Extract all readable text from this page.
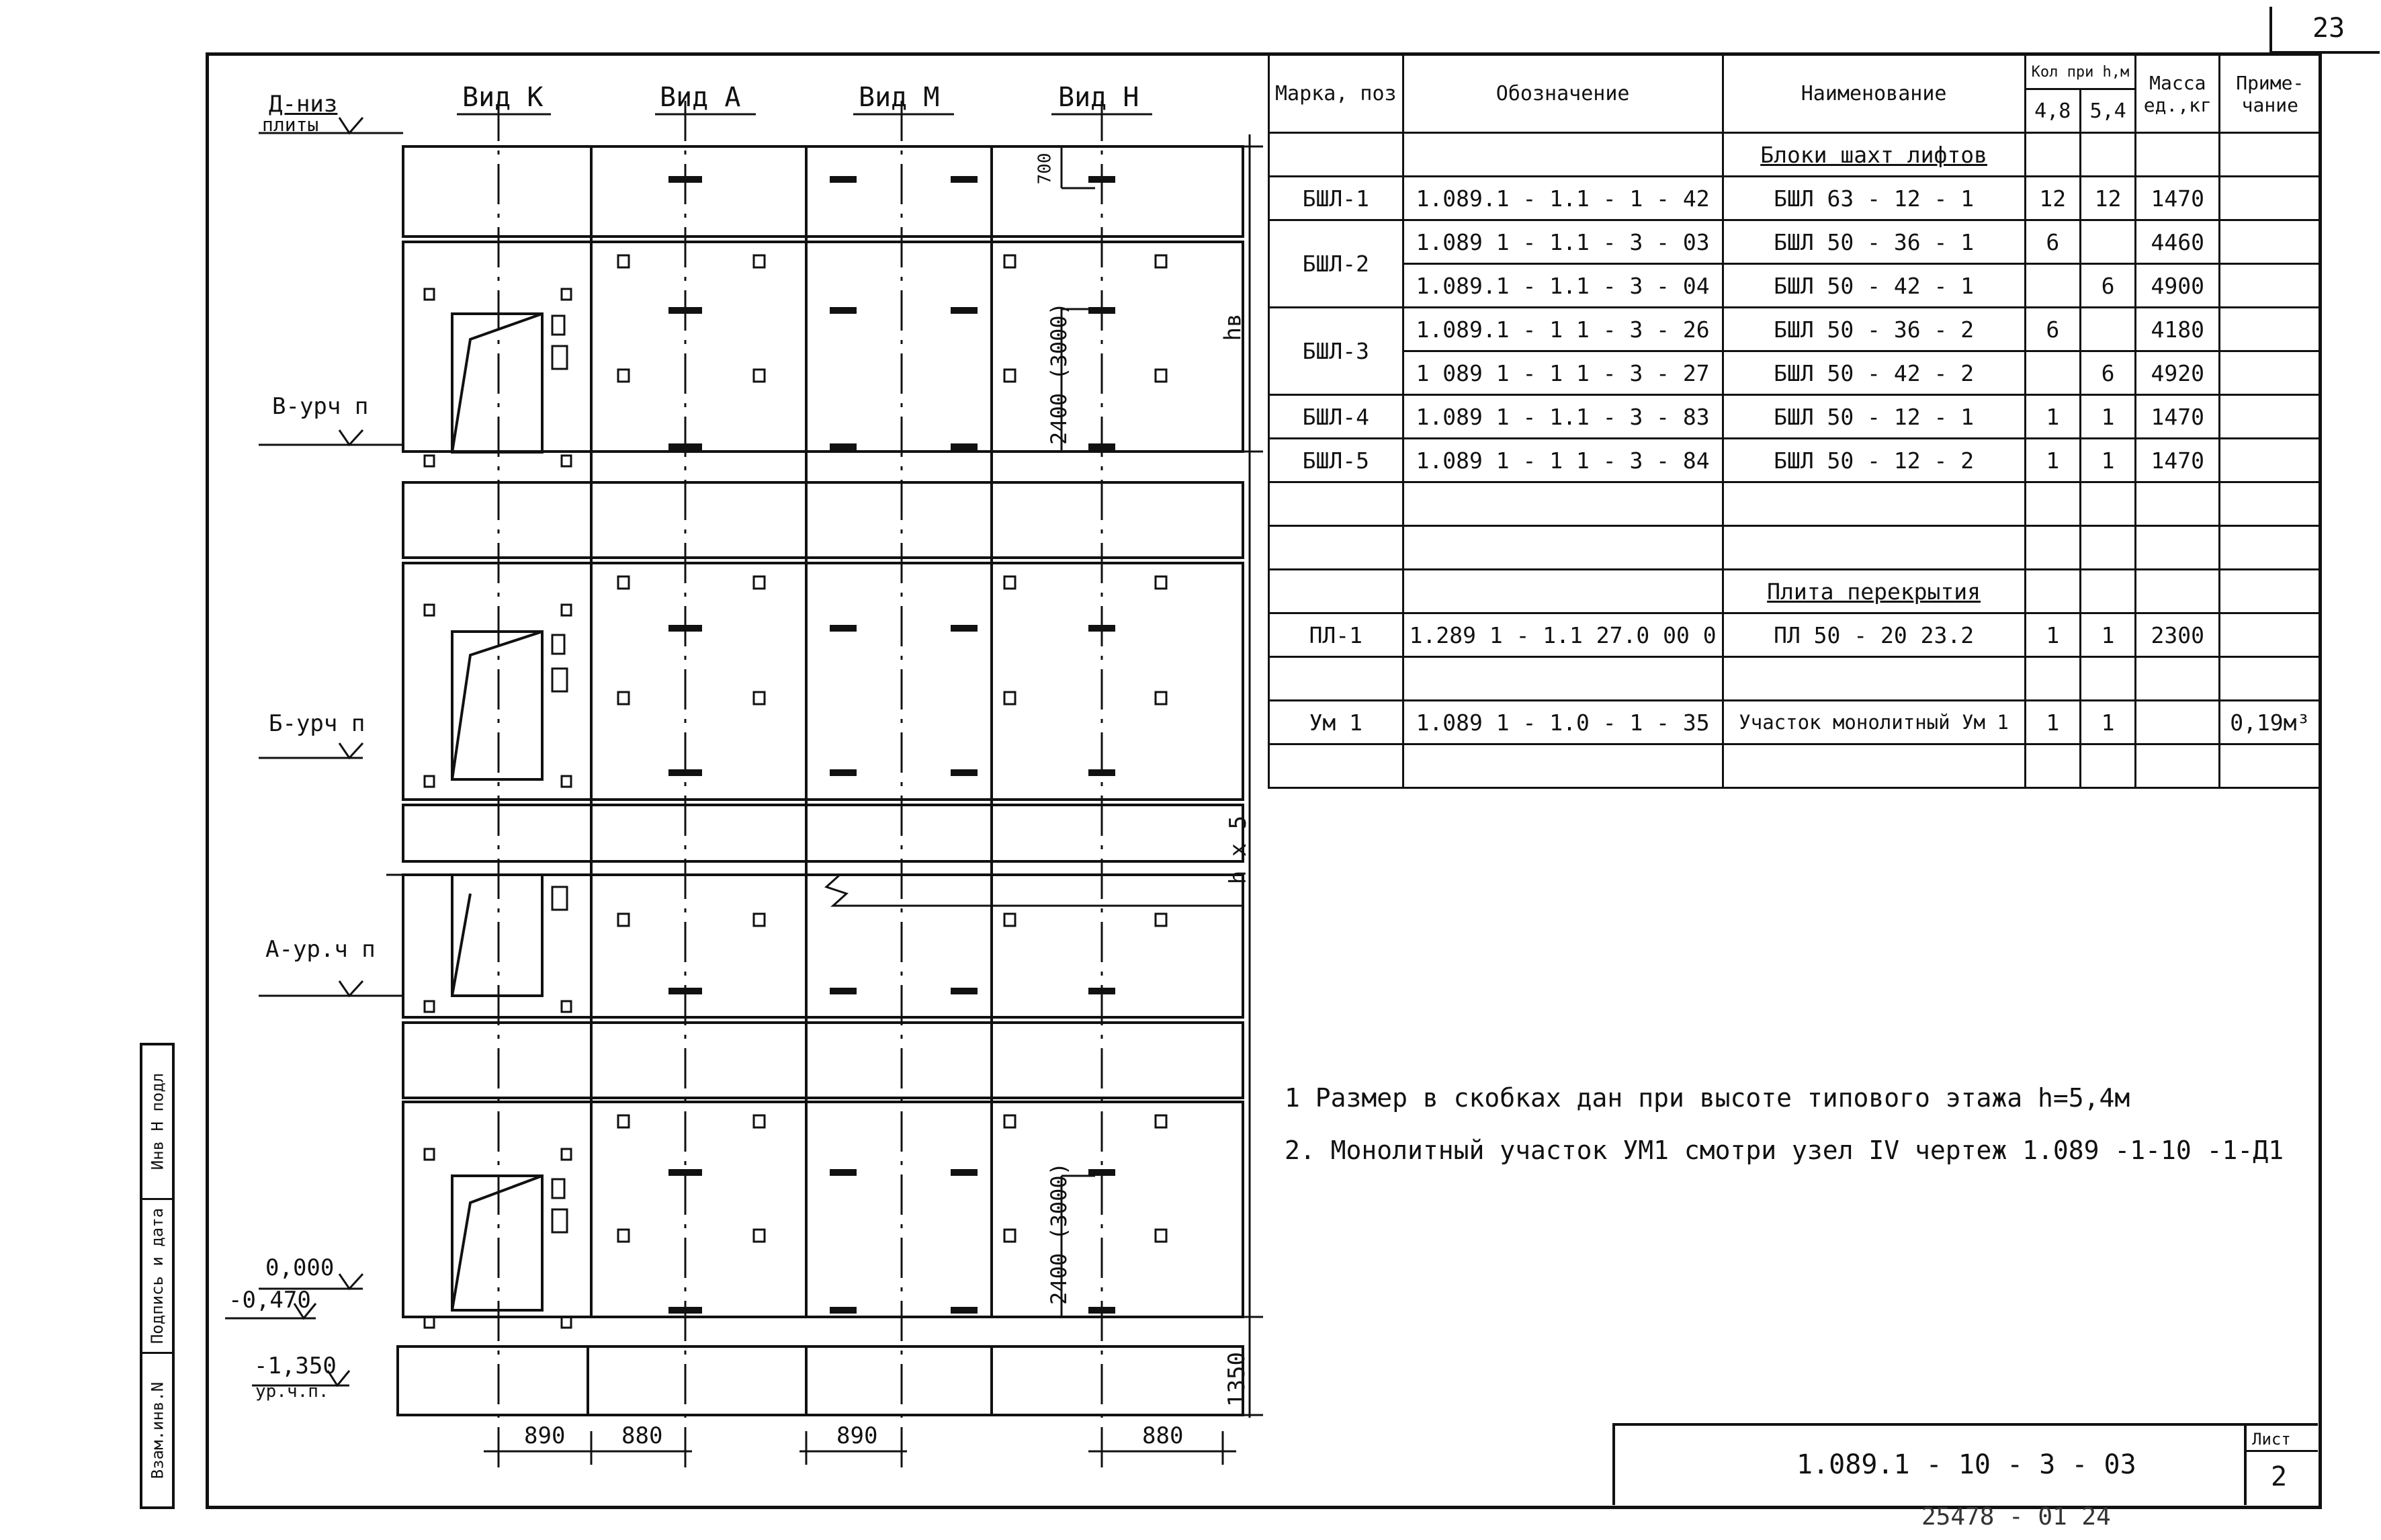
23
Инв Н подл
Подпись и дата
Взам.инв.N
Вид К	Вид А	Вид М	Вид Н
Д-низ
плиты
В-урч п
Б-урч п
А-ур.ч п
0,000
-0,470
-1,350
ур.ч.п.
700
2400 (3000)
2400 (3000)
hв
h x 5
1350
890 880	890	880
Марка, поз	Обозначение	Наименование	Кол при h,м		Масса ед.,кг	Приме- чание
			4,8	5,4		
		Блоки шахт лифтов				
БШЛ-1	1.089.1 - 1.1 - 1 - 42	БШЛ 63 - 12 - 1	12	12	1470	
БШЛ-2	1.089 1 - 1.1 - 3 - 03	БШЛ 50 - 36 - 1	6		4460	
	1.089.1 - 1.1 - 3 - 04	БШЛ 50 - 42 - 1		6	4900	
БШЛ-3	1.089.1 - 1 1 - 3 - 26	БШЛ 50 - 36 - 2	6		4180	
	1 089 1 - 1 1 - 3 - 27	БШЛ 50 - 42 - 2		6	4920	
БШЛ-4	1.089 1 - 1.1 - 3 - 83	БШЛ 50 - 12 - 1	1	1	1470	
БШЛ-5	1.089 1 - 1 1 - 3 - 84	БШЛ 50 - 12 - 2	1	1	1470	

		Плита перекрытия				
ПЛ-1	1.289 1 - 1.1 27.0 00 0	ПЛ 50 - 20 23.2	1	1	2300	

Ум 1	1.089 1 - 1.0 - 1 - 35	Участок монолитный Ум 1	1	1		0,19м³

1 Размер в скобках дан при высоте типового этажа h=5,4м
2. Монолитный участок УМ1 смотри узел IV чертеж 1.089 -1-10 -1-Д1
1.089.1 - 10 - 3 - 03
Лист
2
25478 - 01 24
